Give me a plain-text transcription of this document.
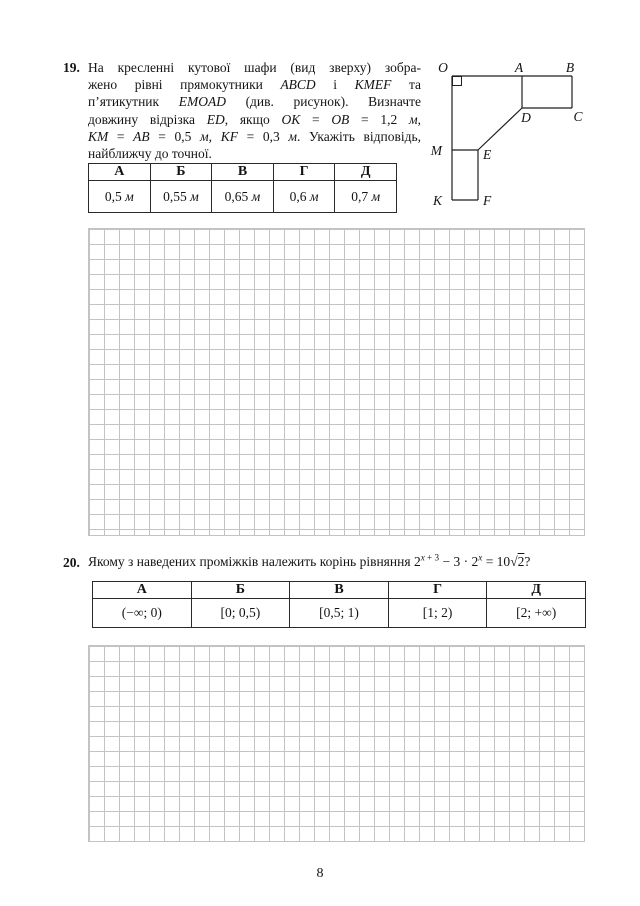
19. На кресленні кутової шафи (вид зверху) зобра-
жено рівні прямокутники ABCD і KMEF та
п’ятикутник EMOAD (див. рисунок). Визначте
довжину відрізка ED, якщо OK = OB = 1,2 м,
KM = AB = 0,5 м, KF = 0,3 м. Укажіть відповідь,
найближчу до точної.
O	A	B
C
D
M	E
K	F
А	Б	В	Г	Д
0,5 м	0,55 м	0,65 м	0,6 м	0,7 м
20. Якому з наведених проміжків належить корінь рівняння 2$^x$ $^{+ 3} - 3 \cdot 2^x = 10√2$?
А	Б	В	Г	Д
(−∞; 0)	[0; 0,5)	[0,5; 1)	[1; 2)	[2; +∞)
8
